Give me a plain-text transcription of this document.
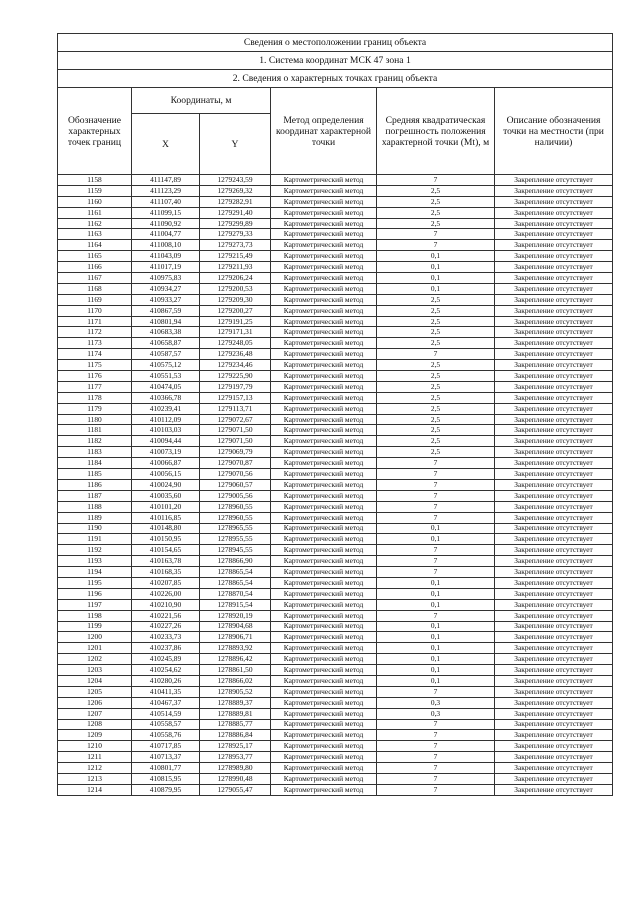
Сведения о местоположении границ объекта					
1. Система координат МСК 47 зона 1					
2. Сведения о характерных точках границ объекта					
Обозначение характерных точек границ	Координаты, м		Метод определения координат характерной точки	Средняя квадратическая погрешность положения характерной точки (Mt), м	Описание обозначения точки на местности (при наличии)
	X	Y			
1158	411147,89	1279243,59	Картометрический метод	7	Закрепление отсутствует
1159	411123,29	1279269,32	Картометрический метод	2,5	Закрепление отсутствует
1160	411107,40	1279282,91	Картометрический метод	2,5	Закрепление отсутствует
1161	411099,15	1279291,40	Картометрический метод	2,5	Закрепление отсутствует
1162	411090,92	1279299,89	Картометрический метод	2,5	Закрепление отсутствует
1163	411004,77	1279279,33	Картометрический метод	7	Закрепление отсутствует
1164	411008,10	1279273,73	Картометрический метод	7	Закрепление отсутствует
1165	411043,09	1279215,49	Картометрический метод	0,1	Закрепление отсутствует
1166	411017,19	1279211,93	Картометрический метод	0,1	Закрепление отсутствует
1167	410975,83	1279206,24	Картометрический метод	0,1	Закрепление отсутствует
1168	410934,27	1279200,53	Картометрический метод	0,1	Закрепление отсутствует
1169	410933,27	1279209,30	Картометрический метод	2,5	Закрепление отсутствует
1170	410867,59	1279200,27	Картометрический метод	2,5	Закрепление отсутствует
1171	410801,94	1279191,25	Картометрический метод	2,5	Закрепление отсутствует
1172	410683,38	1279171,31	Картометрический метод	2,5	Закрепление отсутствует
1173	410658,87	1279248,05	Картометрический метод	2,5	Закрепление отсутствует
1174	410587,57	1279236,48	Картометрический метод	7	Закрепление отсутствует
1175	410575,12	1279234,46	Картометрический метод	2,5	Закрепление отсутствует
1176	410551,53	1279225,90	Картометрический метод	2,5	Закрепление отсутствует
1177	410474,05	1279197,79	Картометрический метод	2,5	Закрепление отсутствует
1178	410366,78	1279157,13	Картометрический метод	2,5	Закрепление отсутствует
1179	410239,41	1279113,71	Картометрический метод	2,5	Закрепление отсутствует
1180	410112,09	1279072,67	Картометрический метод	2,5	Закрепление отсутствует
1181	410103,03	1279071,50	Картометрический метод	2,5	Закрепление отсутствует
1182	410094,44	1279071,50	Картометрический метод	2,5	Закрепление отсутствует
1183	410073,19	1279069,79	Картометрический метод	2,5	Закрепление отсутствует
1184	410066,87	1279070,87	Картометрический метод	7	Закрепление отсутствует
1185	410056,15	1279070,56	Картометрический метод	7	Закрепление отсутствует
1186	410024,90	1279060,57	Картометрический метод	7	Закрепление отсутствует
1187	410035,60	1279005,56	Картометрический метод	7	Закрепление отсутствует
1188	410101,20	1278960,55	Картометрический метод	7	Закрепление отсутствует
1189	410116,85	1278960,55	Картометрический метод	7	Закрепление отсутствует
1190	410148,80	1278965,55	Картометрический метод	0,1	Закрепление отсутствует
1191	410150,95	1278955,55	Картометрический метод	0,1	Закрепление отсутствует
1192	410154,65	1278945,55	Картометрический метод	7	Закрепление отсутствует
1193	410163,78	1278866,90	Картометрический метод	7	Закрепление отсутствует
1194	410168,35	1278865,54	Картометрический метод	7	Закрепление отсутствует
1195	410207,85	1278865,54	Картометрический метод	0,1	Закрепление отсутствует
1196	410226,00	1278870,54	Картометрический метод	0,1	Закрепление отсутствует
1197	410210,90	1278915,54	Картометрический метод	0,1	Закрепление отсутствует
1198	410221,56	1278920,19	Картометрический метод	7	Закрепление отсутствует
1199	410227,26	1278904,68	Картометрический метод	0,1	Закрепление отсутствует
1200	410233,73	1278906,71	Картометрический метод	0,1	Закрепление отсутствует
1201	410237,86	1278893,92	Картометрический метод	0,1	Закрепление отсутствует
1202	410245,89	1278896,42	Картометрический метод	0,1	Закрепление отсутствует
1203	410254,62	1278861,50	Картометрический метод	0,1	Закрепление отсутствует
1204	410280,26	1278866,02	Картометрический метод	0,1	Закрепление отсутствует
1205	410411,35	1278905,52	Картометрический метод	7	Закрепление отсутствует
1206	410467,37	1278889,37	Картометрический метод	0,3	Закрепление отсутствует
1207	410514,59	1278889,81	Картометрический метод	0,3	Закрепление отсутствует
1208	410558,57	1278885,77	Картометрический метод	7	Закрепление отсутствует
1209	410558,76	1278886,84	Картометрический метод	7	Закрепление отсутствует
1210	410717,85	1278925,17	Картометрический метод	7	Закрепление отсутствует
1211	410713,37	1278953,77	Картометрический метод	7	Закрепление отсутствует
1212	410801,77	1278989,80	Картометрический метод	7	Закрепление отсутствует
1213	410815,95	1278990,48	Картометрический метод	7	Закрепление отсутствует
1214	410879,95	1279055,47	Картометрический метод	7	Закрепление отсутствует
